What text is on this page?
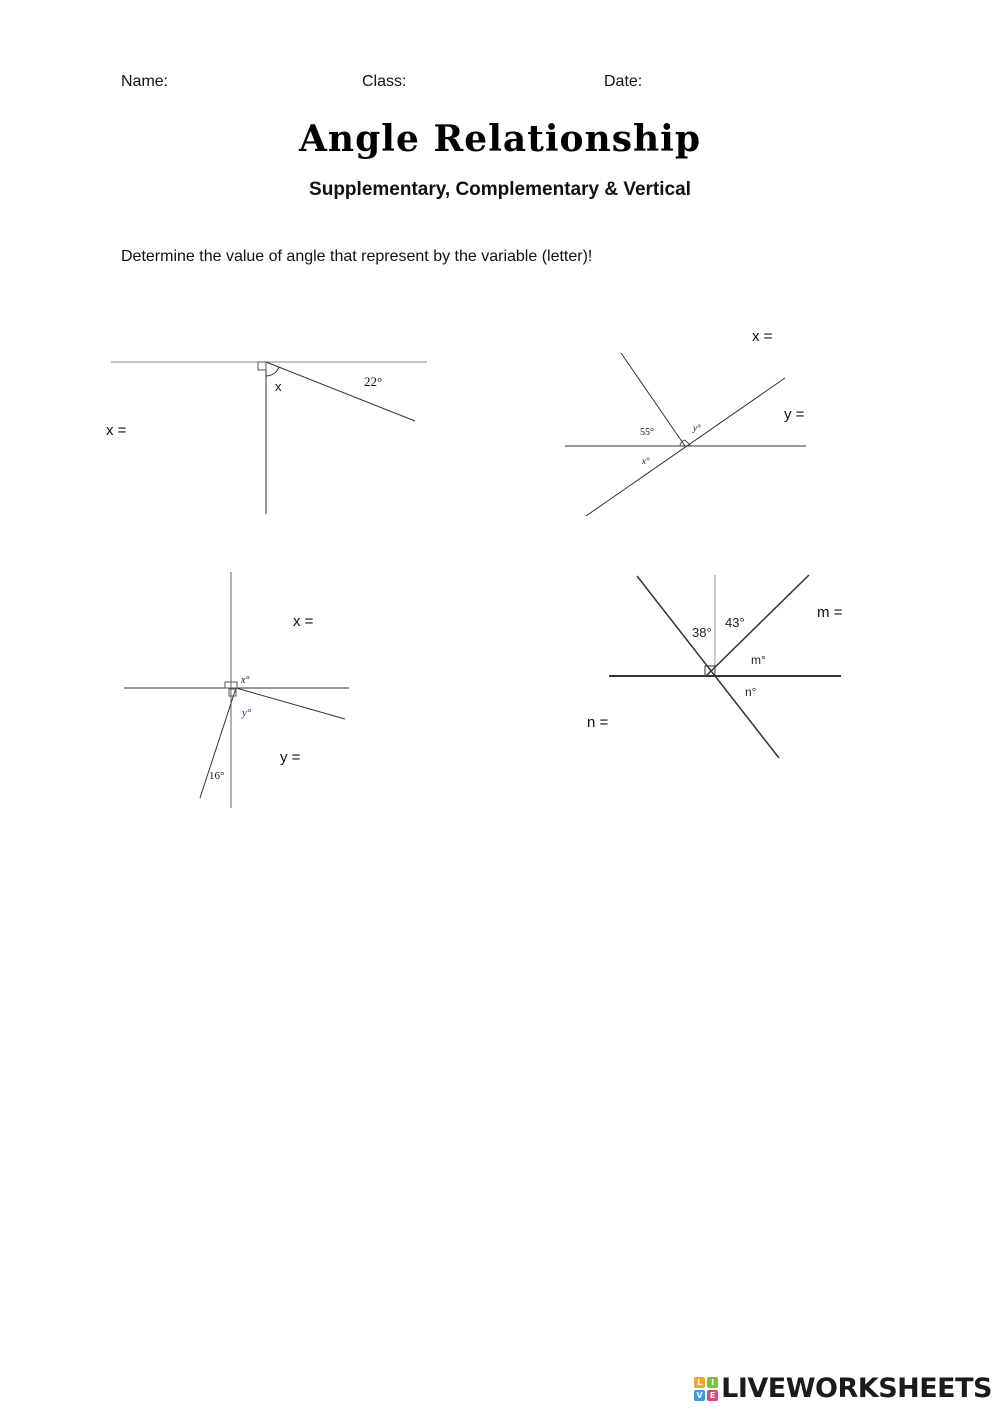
Name:	Class:	Date:
Angle Relationship
Supplementary, Complementary & Vertical
Determine the value of angle that represent by the variable (letter)!
x	22°
55°	y°
x°
x°
y°
16°
38°
43°
m°
n°
x =
x =
y =
x =
y =
m =
n =
L	I
V E LIVEWORKSHEETS
